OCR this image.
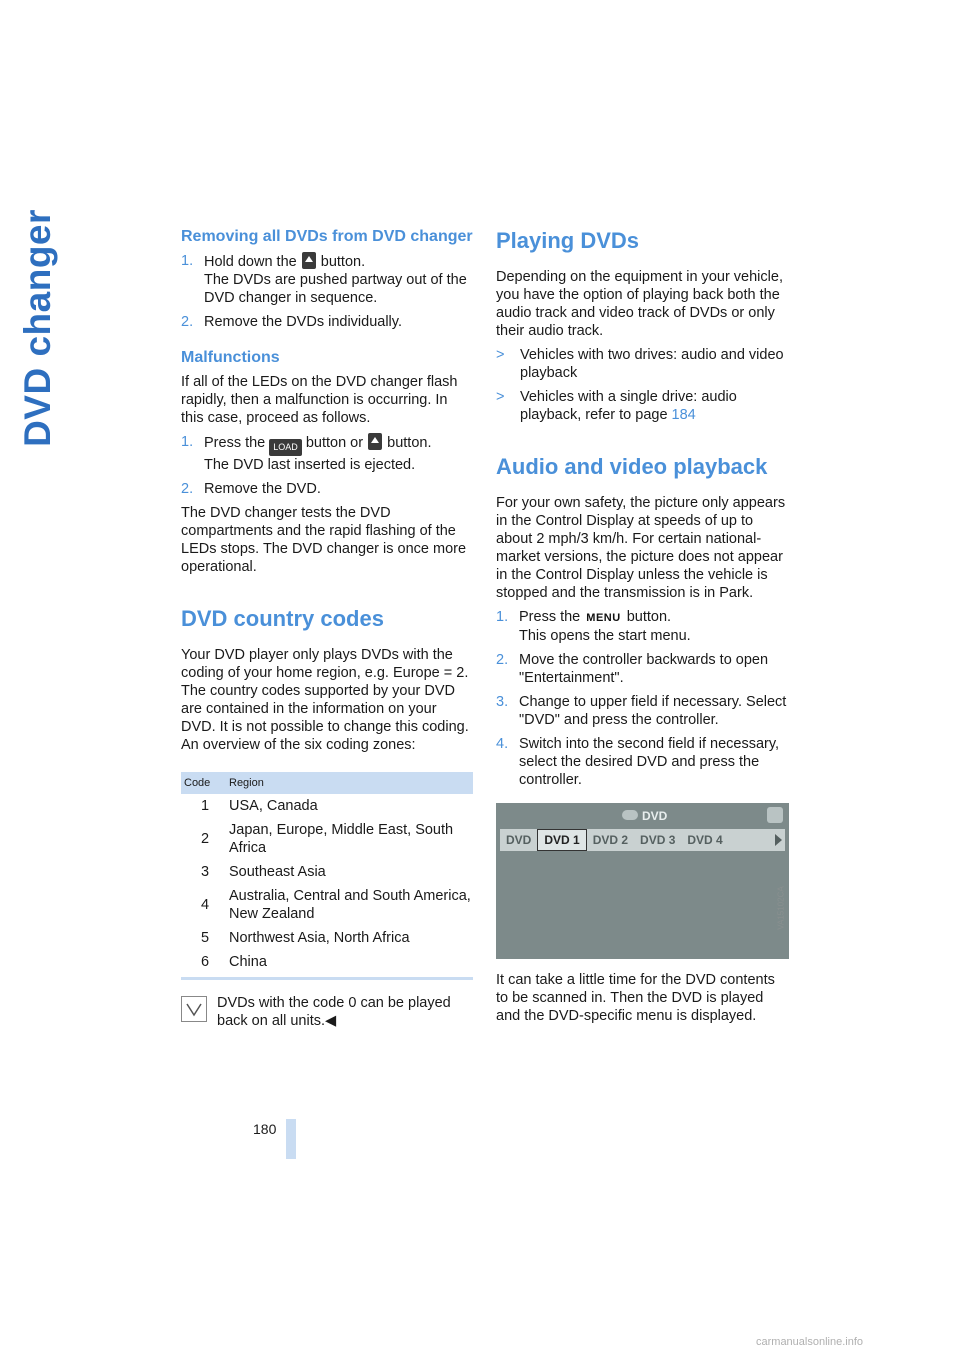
DVD changer	Removing all DVDs from DVD changer
1. Hold down the button.
The DVDs are pushed partway out of the DVD changer in sequence.
2. Remove the DVDs individually.
Malfunctions

If all of the LEDs on the DVD changer flash rapidly, then a malfunction is occurring. In this case, proceed as follows.

1. Press the LOAD button or button.
The DVD last inserted is ejected.
2. Remove the DVD.

The DVD changer tests the DVD compartments and the rapid flashing of the LEDs stops. The DVD changer is once more operational.

DVD country codes

Your DVD player only plays DVDs with the coding of your home region, e.g. Europe = 2. The country codes supported by your DVD are contained in the information on your DVD. It is not possible to change this coding. An overview of the six coding zones:

Code	Region
1	USA, Canada
2	Japan, Europe, Middle East, South Africa
3	Southeast Asia
4	Australia, Central and South America, New Zealand
5	Northwest Asia, North Africa
6	China
DVDs with the code 0 can be played back on all units.◀
Playing DVDs

Depending on the equipment in your vehicle, you have the option of playing back both the audio track and video track of DVDs or only their audio track.

> Vehicles with two drives: audio and video playback
> Vehicles with a single drive: audio playback, refer to page 184
Audio and video playback

For your own safety, the picture only appears in the Control Display at speeds of up to about 2 mph/3 km/h. For certain national-market versions, the picture does not appear in the Control Display unless the vehicle is stopped and the transmission is in Park.

1. Press the MENU button.
This opens the start menu.
2. Move the controller backwards to open "Entertainment".
3. Change to upper field if necessary. Select "DVD" and press the controller.
4. Switch into the second field if necessary, select the desired DVD and press the controller.
DVD
DVD	DVD 1	DVD 2	DVD 3	DVD 4
VA15102CA

It can take a little time for the DVD contents to be scanned in. Then the DVD is played and the DVD-specific menu is displayed.

180
carmanualsonline.info
